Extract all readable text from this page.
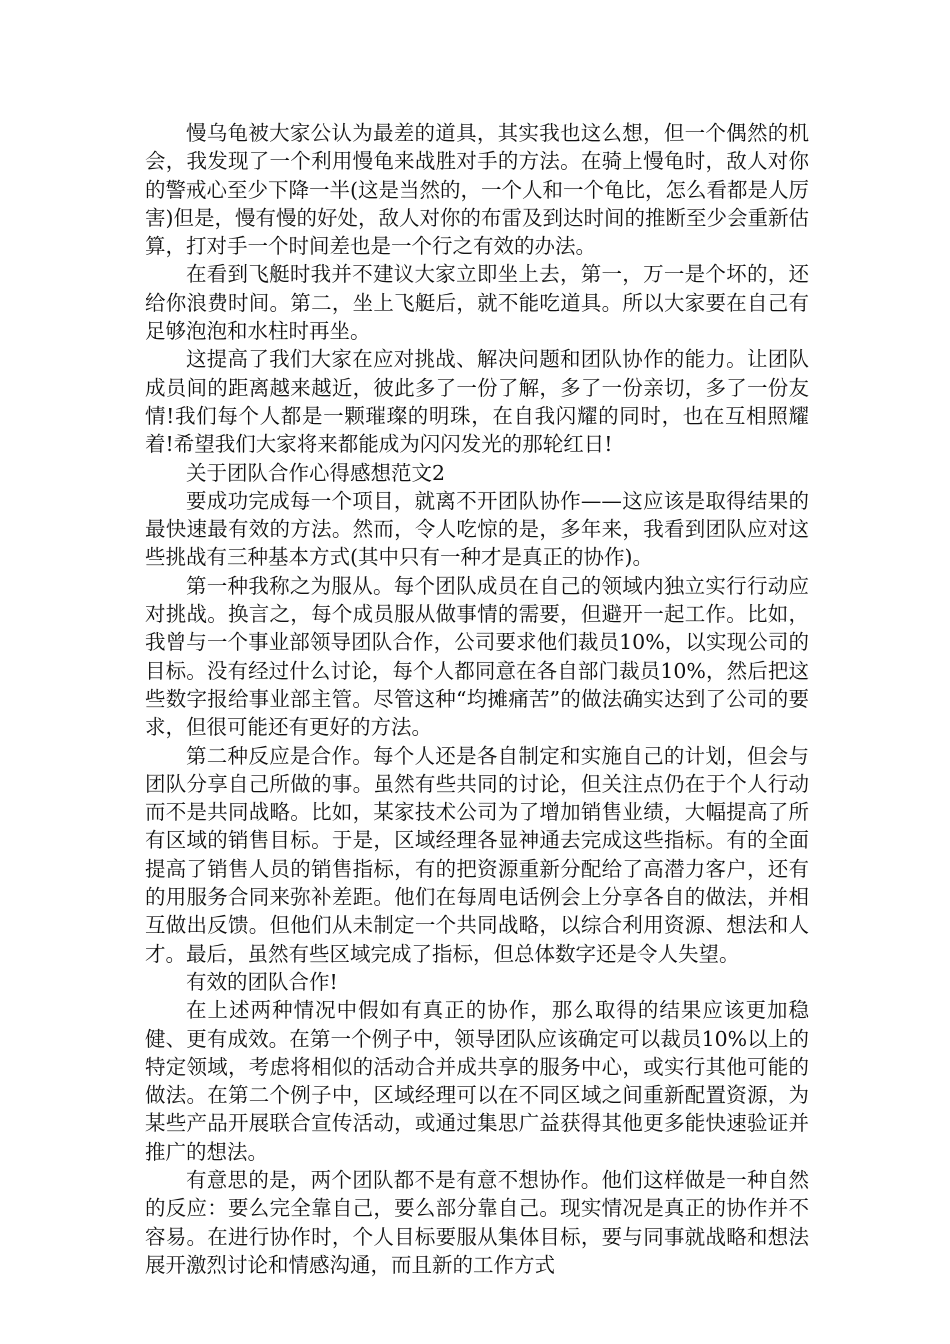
慢乌龟被大家公认为最差的道具，其实我也这么想，但一个偶然的机会，我发现了一个利用慢龟来战胜对手的方法。在骑上慢龟时，敌人对你的警戒心至少下降一半(这是当然的，一个人和一个龟比，怎么看都是人厉害)但是，慢有慢的好处，敌人对你的布雷及到达时间的推断至少会重新估算，打对手一个时间差也是一个行之有效的办法。

在看到飞艇时我并不建议大家立即坐上去，第一，万一是个坏的，还给你浪费时间。第二，坐上飞艇后，就不能吃道具。所以大家要在自己有足够泡泡和水柱时再坐。

这提高了我们大家在应对挑战、解决问题和团队协作的能力。让团队成员间的距离越来越近，彼此多了一份了解，多了一份亲切，多了一份友情!我们每个人都是一颗璀璨的明珠，在自我闪耀的同时，也在互相照耀着!希望我们大家将来都能成为闪闪发光的那轮红日!

关于团队合作心得感想范文2

要成功完成每一个项目，就离不开团队协作——这应该是取得结果的最快速最有效的方法。然而，令人吃惊的是，多年来，我看到团队应对这些挑战有三种基本方式(其中只有一种才是真正的协作)。

第一种我称之为服从。每个团队成员在自己的领域内独立实行行动应对挑战。换言之，每个成员服从做事情的需要，但避开一起工作。比如，我曾与一个事业部领导团队合作，公司要求他们裁员10%，以实现公司的目标。没有经过什么讨论，每个人都同意在各自部门裁员10%，然后把这些数字报给事业部主管。尽管这种“均摊痛苦”的做法确实达到了公司的要求，但很可能还有更好的方法。

第二种反应是合作。每个人还是各自制定和实施自己的计划，但会与团队分享自己所做的事。虽然有些共同的讨论，但关注点仍在于个人行动而不是共同战略。比如，某家技术公司为了增加销售业绩，大幅提高了所有区域的销售目标。于是，区域经理各显神通去完成这些指标。有的全面提高了销售人员的销售指标，有的把资源重新分配给了高潜力客户，还有的用服务合同来弥补差距。他们在每周电话例会上分享各自的做法，并相互做出反馈。但他们从未制定一个共同战略，以综合利用资源、想法和人才。最后，虽然有些区域完成了指标，但总体数字还是令人失望。

有效的团队合作!

在上述两种情况中假如有真正的协作，那么取得的结果应该更加稳健、更有成效。在第一个例子中，领导团队应该确定可以裁员10%以上的特定领域，考虑将相似的活动合并成共享的服务中心，或实行其他可能的做法。在第二个例子中，区域经理可以在不同区域之间重新配置资源，为某些产品开展联合宣传活动，或通过集思广益获得其他更多能快速验证并推广的想法。

有意思的是，两个团队都不是有意不想协作。他们这样做是一种自然的反应：要么完全靠自己，要么部分靠自己。现实情况是真正的协作并不容易。在进行协作时，个人目标要服从集体目标，要与同事就战略和想法展开激烈讨论和情感沟通，而且新的工作方式
